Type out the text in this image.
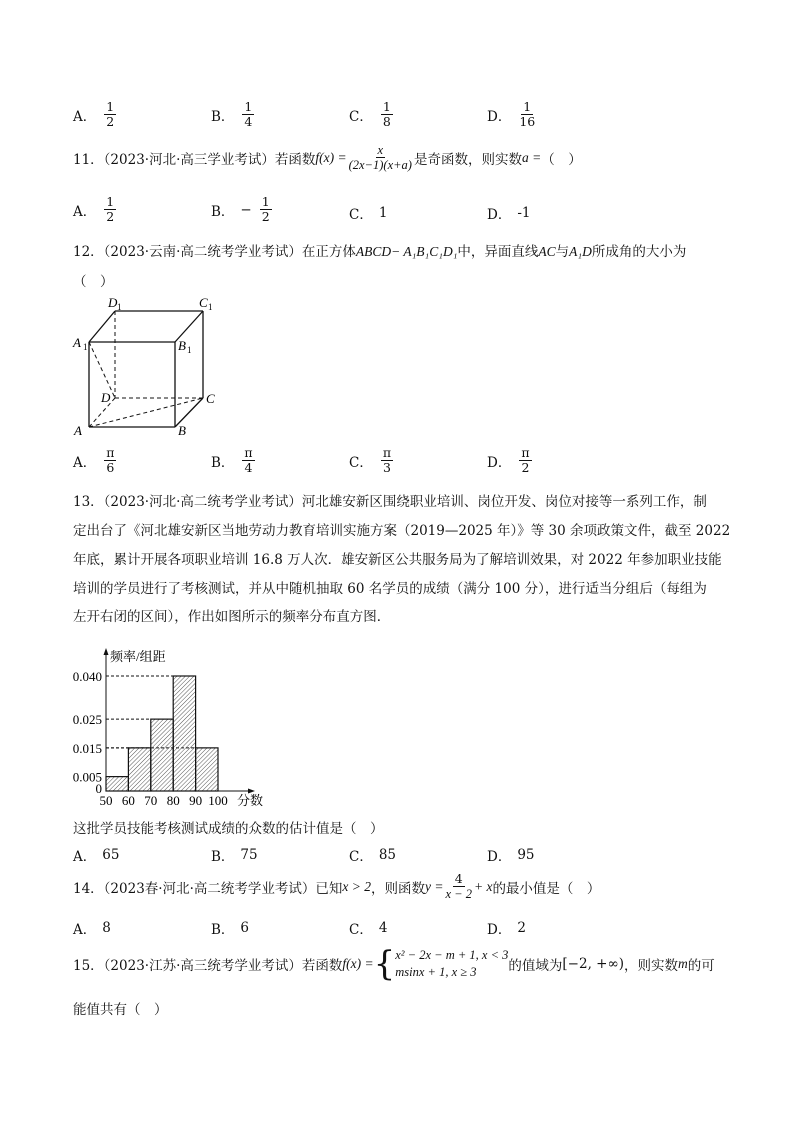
A． $\frac{1}{2}$	B． $\frac{1}{4}$	C． $\frac{1}{8}$	D． $\frac{1}{16}$
11．（2023·河北·高三学业考试）若函数 $f(x) = \frac{x}{(2x-1)(x+a)}$ 是奇函数，则实数 a = （　）
A． $\frac{1}{2}$	B． − $\frac{1}{2}$	C． 1	D． -1
12．（2023·云南·高二统考学业考试）在正方体ABCD− A₁B₁C₁D₁中，异面直线AC与A₁D所成角的大小为
（　）
A	B
C
D
A	B
C
D
1	1
1
1
A． $\frac{\pi}{6}$	B． $\frac{\pi}{4}$	C． $\frac{\pi}{3}$	D． $\frac{\pi}{2}$
13．（2023·河北·高二统考学业考试）河北雄安新区围绕职业培训、岗位开发、岗位对接等一系列工作，制
定出台了《河北雄安新区当地劳动力教育培训实施方案（2019—2025 年）》等 30 余项政策文件，截至 2022
年底，累计开展各项职业培训 16.8 万人次．雄安新区公共服务局为了解培训效果，对 2022 年参加职业技能
培训的学员进行了考核测试，并从中随机抽取 60 名学员的成绩（满分 100 分），进行适当分组后（每组为
左开右闭的区间），作出如图所示的频率分布直方图．
频率/组距
分数
0
0.005
0.015
0.025
0.040
50 60 70 80 90 100
这批学员技能考核测试成绩的众数的估计值是（　）
A． 65	B． 75	C． 85	D． 95
14．（2023春·河北·高二统考学业考试）已知 x > 2 ，则函数 $y = \frac{4}{x - 2} + x$ 的最小值是（　）
A． 8	B． 6	C． 4	D． 2
15．（2023·江苏·高三统考学业考试）若函数 f(x) = { x² − 2x − m + 1, x < 3
msinx + 1, x ≥ 3	的值域为 [−2, +∞) ，则实数 m 的可
能值共有（　）
